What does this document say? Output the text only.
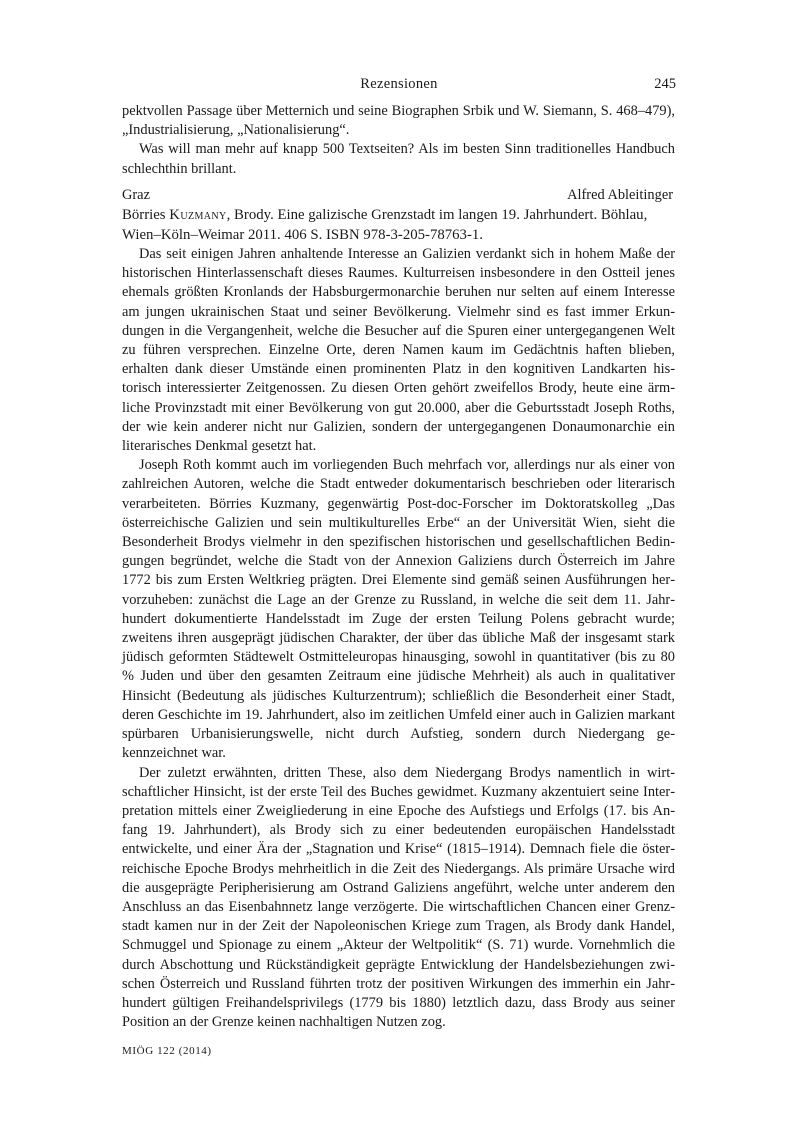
Rezensionen	245

pektvollen Passage über Metternich und seine Biographen Srbik und W. Siemann, S. 468–479), „Industrialisierung, „Nationalisierung“.

Was will man mehr auf knapp 500 Textseiten? Als im besten Sinn traditionelles Handbuch schlechthin brillant.

Graz	Alfred Ableitinger

Börries Kuzmany, Brody. Eine galizische Grenzstadt im langen 19. Jahrhundert. Böhlau, Wien–Köln–Weimar 2011. 406 S. ISBN 978-3-205-78763-1.

Das seit einigen Jahren anhaltende Interesse an Galizien verdankt sich in hohem Maße der historischen Hinterlassenschaft dieses Raumes. Kulturreisen insbesondere in den Ostteil jenes ehemals größten Kronlands der Habsburgermonarchie beruhen nur selten auf einem Interesse am jungen ukrainischen Staat und seiner Bevölkerung. Vielmehr sind es fast immer Erkundungen in die Vergangenheit, welche die Besucher auf die Spuren einer untergegangenen Welt zu führen versprechen. Einzelne Orte, deren Namen kaum im Gedächtnis haften blieben, erhalten dank dieser Umstände einen prominenten Platz in den kognitiven Landkarten historisch interessierter Zeitgenossen. Zu diesen Orten gehört zweifellos Brody, heute eine ärmliche Provinzstadt mit einer Bevölkerung von gut 20.000, aber die Geburtsstadt Joseph Roths, der wie kein anderer nicht nur Galizien, sondern der untergegangenen Donaumonarchie ein literarisches Denkmal gesetzt hat.

Joseph Roth kommt auch im vorliegenden Buch mehrfach vor, allerdings nur als einer von zahlreichen Autoren, welche die Stadt entweder dokumentarisch beschrieben oder literarisch verarbeiteten. Börries Kuzmany, gegenwärtig Post-doc-Forscher im Doktoratskolleg „Das österreichische Galizien und sein multikulturelles Erbe“ an der Universität Wien, sieht die Besonderheit Brodys vielmehr in den spezifischen historischen und gesellschaftlichen Bedingungen begründet, welche die Stadt von der Annexion Galiziens durch Österreich im Jahre 1772 bis zum Ersten Weltkrieg prägten. Drei Elemente sind gemäß seinen Ausführungen hervorzuheben: zunächst die Lage an der Grenze zu Russland, in welche die seit dem 11. Jahrhundert dokumentierte Handelsstadt im Zuge der ersten Teilung Polens gebracht wurde; zweitens ihren ausgeprägt jüdischen Charakter, der über das übliche Maß der insgesamt stark jüdisch geformten Städtewelt Ostmitteleuropas hinausging, sowohl in quantitativer (bis zu 80 % Juden und über den gesamten Zeitraum eine jüdische Mehrheit) als auch in qualitativer Hinsicht (Bedeutung als jüdisches Kulturzentrum); schließlich die Besonderheit einer Stadt, deren Geschichte im 19. Jahrhundert, also im zeitlichen Umfeld einer auch in Galizien markant spürbaren Urbanisierungswelle, nicht durch Aufstieg, sondern durch Niedergang gekennzeichnet war.

Der zuletzt erwähnten, dritten These, also dem Niedergang Brodys namentlich in wirtschaftlicher Hinsicht, ist der erste Teil des Buches gewidmet. Kuzmany akzentuiert seine Interpretation mittels einer Zweigliederung in eine Epoche des Aufstiegs und Erfolgs (17. bis Anfang 19. Jahrhundert), als Brody sich zu einer bedeutenden europäischen Handelsstadt entwickelte, und einer Ära der „Stagnation und Krise“ (1815–1914). Demnach fiele die österreichische Epoche Brodys mehrheitlich in die Zeit des Niedergangs. Als primäre Ursache wird die ausgeprägte Peripherisierung am Ostrand Galiziens angeführt, welche unter anderem den Anschluss an das Eisenbahnnetz lange verzögerte. Die wirtschaftlichen Chancen einer Grenzstadt kamen nur in der Zeit der Napoleonischen Kriege zum Tragen, als Brody dank Handel, Schmuggel und Spionage zu einem „Akteur der Weltpolitik“ (S. 71) wurde. Vornehmlich die durch Abschottung und Rückständigkeit geprägte Entwicklung der Handelsbeziehungen zwischen Österreich und Russland führten trotz der positiven Wirkungen des immerhin ein Jahrhundert gültigen Freihandelsprivilegs (1779 bis 1880) letztlich dazu, dass Brody aus seiner Position an der Grenze keinen nachhaltigen Nutzen zog.

MIÖG 122 (2014)
